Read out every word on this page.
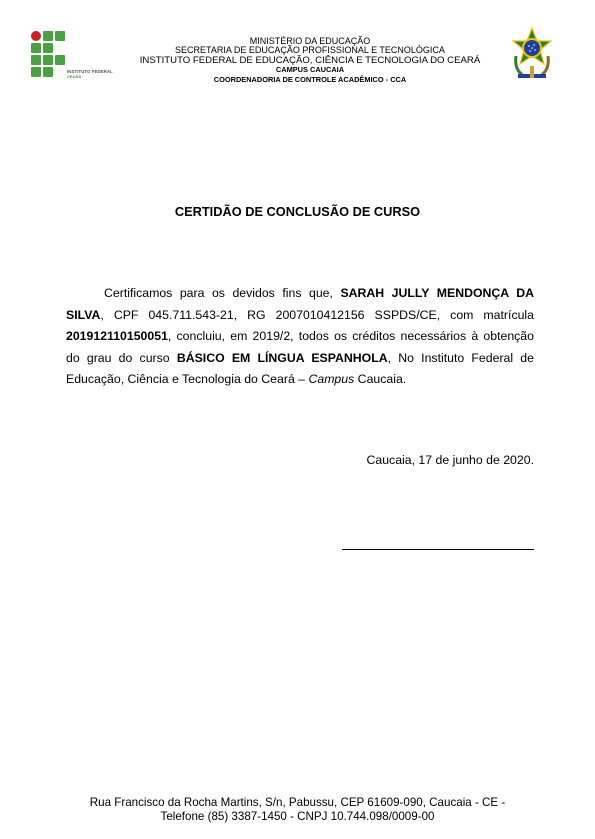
INSTITUTO FEDERAL
CEARÁ
MINISTÉRIO DA EDUCAÇÃO
SECRETARIA DE EDUCAÇÃO PROFISSIONAL E TECNOLÓGICA
INSTITUTO FEDERAL DE EDUCAÇÃO, CIÊNCIA E TECNOLOGIA DO CEARÁ
CAMPUS CAUCAIA
COORDENADORIA DE CONTROLE ACADÊMICO - CCA
CERTIDÃO DE CONCLUSÃO DE CURSO
Certificamos para os devidos fins que, SARAH JULLY MENDONÇA DA SILVA, CPF 045.711.543-21, RG 2007010412156 SSPDS/CE, com matrícula 201912110150051, concluiu, em 2019/2, todos os créditos necessários à obtenção do grau do curso BÁSICO EM LÍNGUA ESPANHOLA, No Instituto Federal de Educação, Ciência e Tecnologia do Ceará – Campus Caucaia.
Caucaia, 17 de junho de 2020.
Rua Francisco da Rocha Martins, S/n, Pabussu, CEP 61609-090, Caucaia - CE -
Telefone (85) 3387-1450 - CNPJ 10.744.098/0009-00
